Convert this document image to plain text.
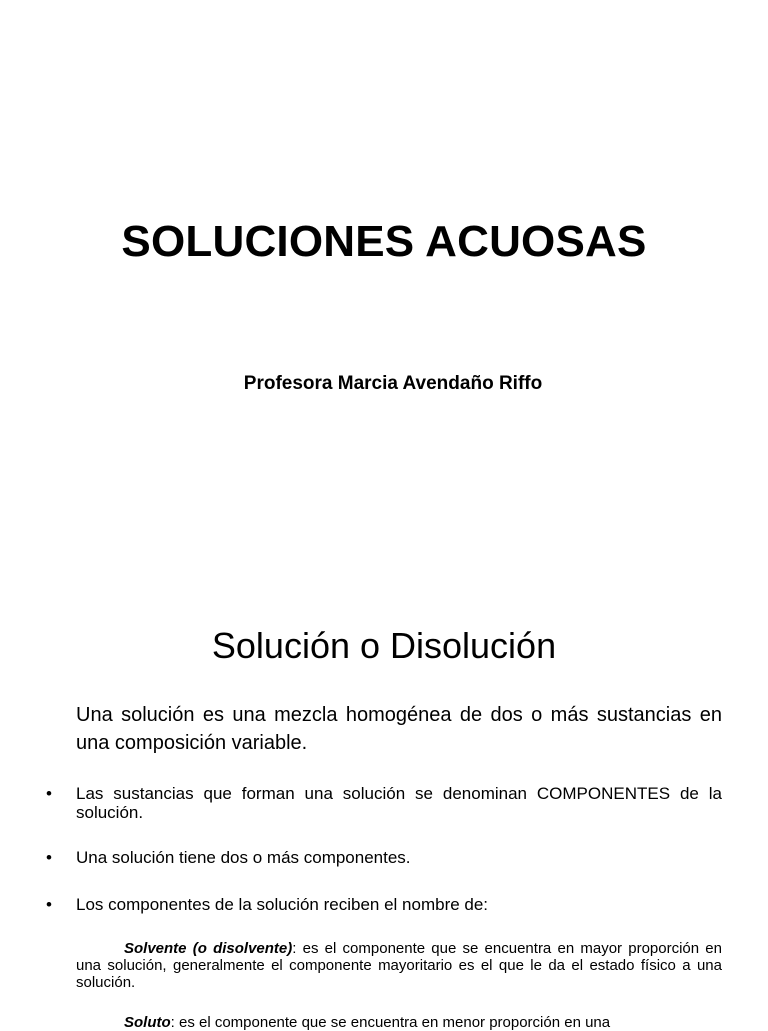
SOLUCIONES ACUOSAS
Profesora Marcia Avendaño Riffo
Solución o Disolución
Una solución es una mezcla homogénea de dos o más sustancias en una composición variable.
•	Las sustancias que forman una solución se denominan COMPONENTES de la solución.
•	Una solución tiene dos o más componentes.
•	Los componentes de la solución reciben el nombre de:
Solvente (o disolvente): es el componente que se encuentra en mayor proporción en una solución, generalmente el componente mayoritario es el que le da el estado físico a una solución.
Soluto: es el componente que se encuentra en menor proporción en una
